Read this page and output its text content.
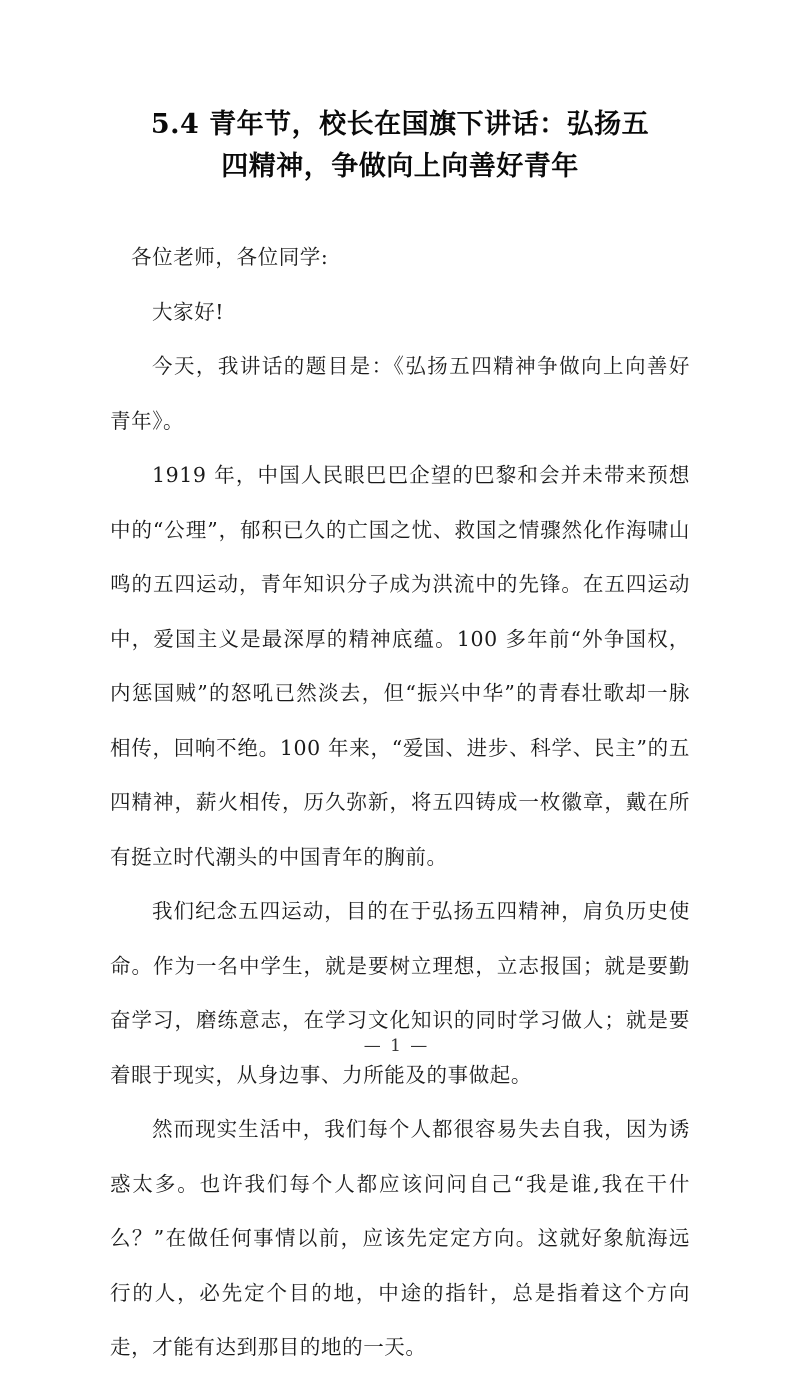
5.4 青年节，校长在国旗下讲话：弘扬五
四精神，争做向上向善好青年

各位老师，各位同学:

大家好!

今天，我讲话的题目是：《弘扬五四精神争做向上向善好青年》。

1919 年，中国人民眼巴巴企望的巴黎和会并未带来预想中的“公理”，郁积已久的亡国之忧、救国之情骤然化作海啸山鸣的五四运动，青年知识分子成为洪流中的先锋。在五四运动中，爱国主义是最深厚的精神底蕴。100 多年前“外争国权，内惩国贼”的怒吼已然淡去，但“振兴中华”的青春壮歌却一脉相传，回响不绝。100 年来，“爱国、进步、科学、民主”的五四精神，薪火相传，历久弥新，将五四铸成一枚徽章，戴在所有挺立时代潮头的中国青年的胸前。

我们纪念五四运动，目的在于弘扬五四精神，肩负历史使命。作为一名中学生，就是要树立理想，立志报国；就是要勤奋学习，磨练意志，在学习文化知识的同时学习做人；就是要着眼于现实，从身边事、力所能及的事做起。

然而现实生活中，我们每个人都很容易失去自我，因为诱惑太多。也许我们每个人都应该问问自己“我是谁,我在干什么？”在做任何事情以前，应该先定定方向。这就好象航海远行的人，必先定个目的地，中途的指针，总是指着这个方向走，才能有达到那目的地的一天。

— 1 —
